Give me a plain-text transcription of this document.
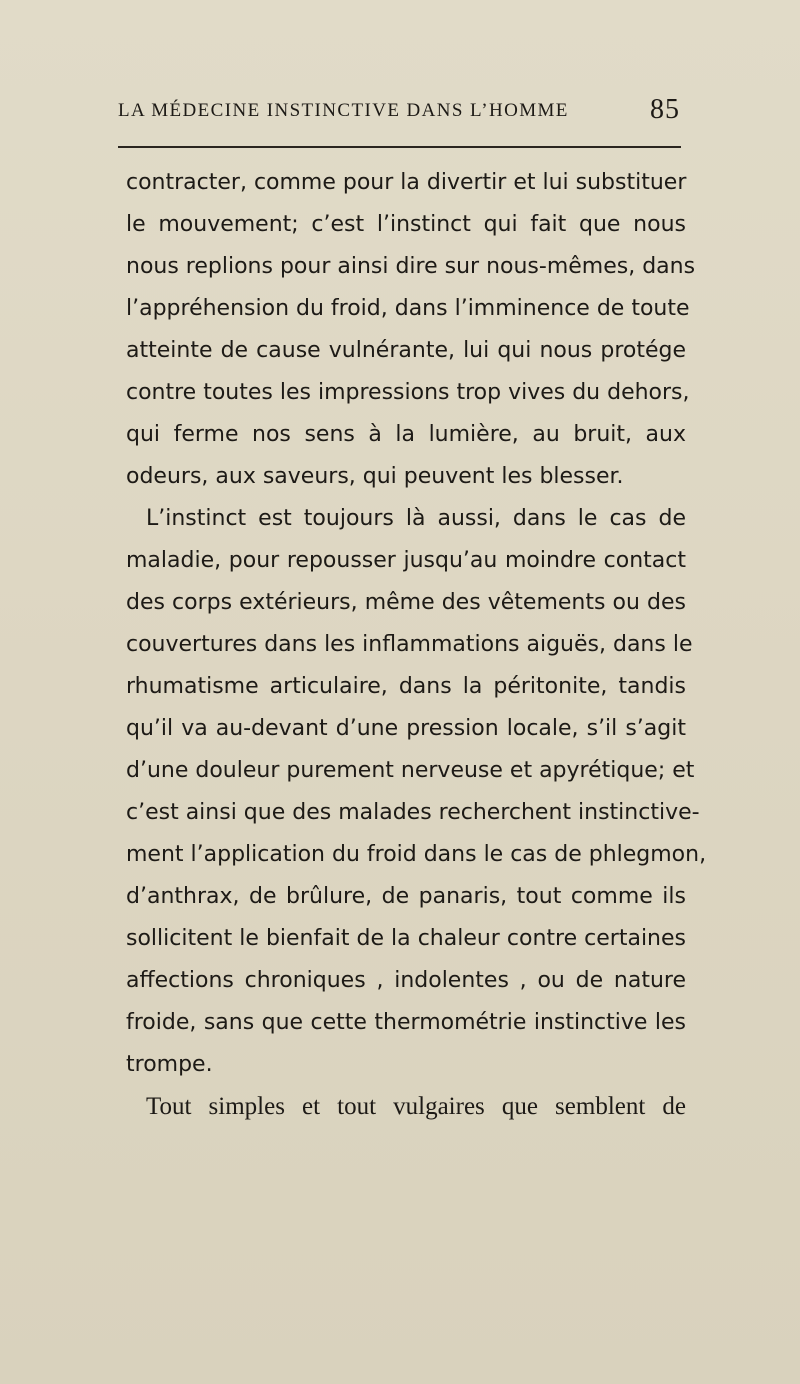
LA MÉDECINE INSTINCTIVE DANS L’HOMME	85
contracter, comme pour la divertir et lui substituer
le mouvement; c’est l’instinct qui fait que nous
nous replions pour ainsi dire sur nous-mêmes, dans
l’appréhension du froid, dans l’imminence de toute
atteinte de cause vulnérante, lui qui nous protége
contre toutes les impressions trop vives du dehors,
qui ferme nos sens à la lumière, au bruit, aux
odeurs, aux saveurs, qui peuvent les blesser.
L’instinct est toujours là aussi, dans le cas de
maladie, pour repousser jusqu’au moindre contact
des corps extérieurs, même des vêtements ou des
couvertures dans les inflammations aiguës, dans le
rhumatisme articulaire, dans la péritonite, tandis
qu’il va au-devant d’une pression locale, s’il s’agit
d’une douleur purement nerveuse et apyrétique; et
c’est ainsi que des malades recherchent instinctive-
ment l’application du froid dans le cas de phlegmon,
d’anthrax, de brûlure, de panaris, tout comme ils
sollicitent le bienfait de la chaleur contre certaines
affections chroniques , indolentes , ou de nature
froide, sans que cette thermométrie instinctive les
trompe.
Tout simples et tout vulgaires que semblent de
